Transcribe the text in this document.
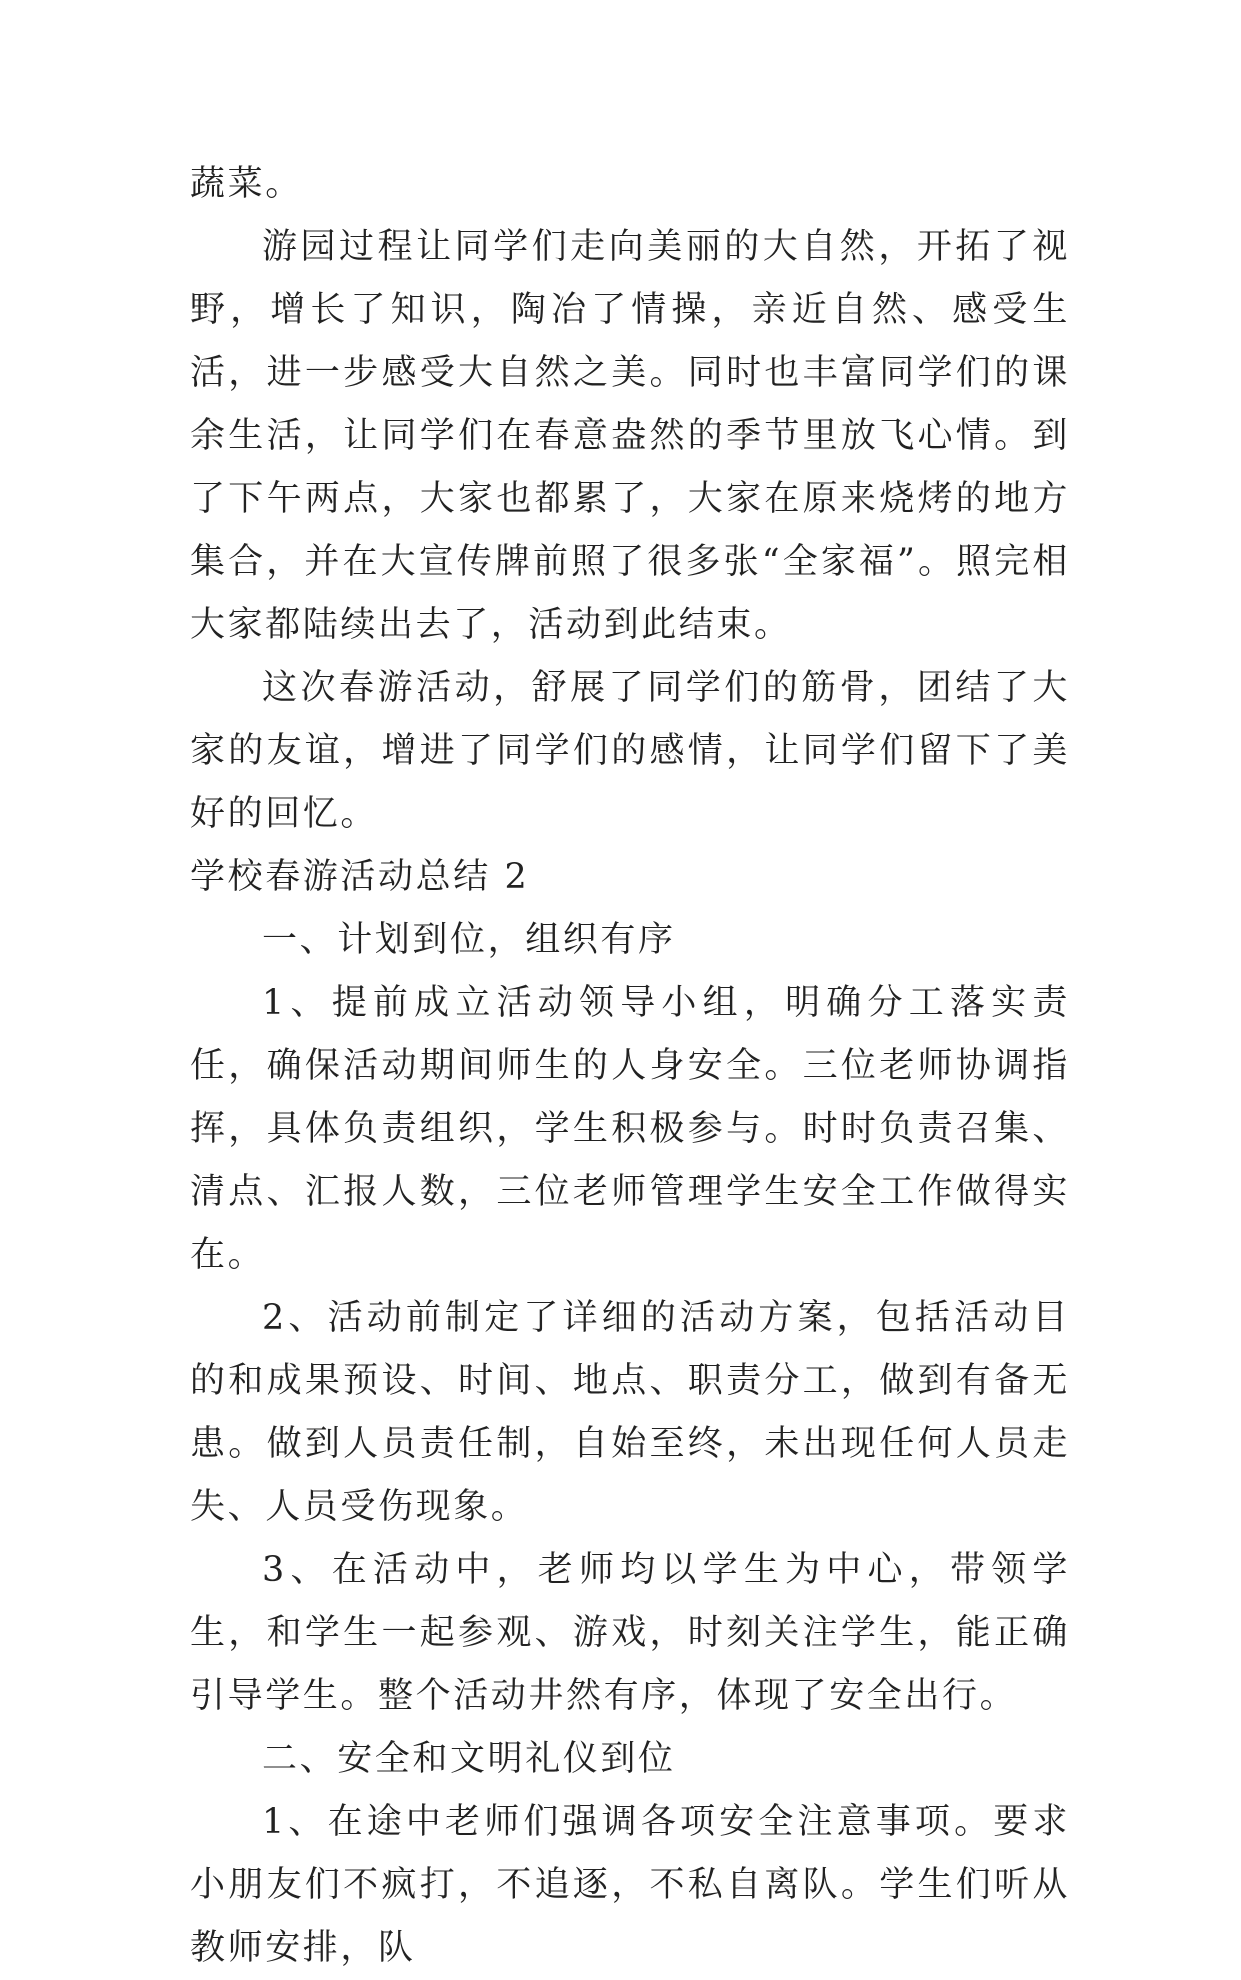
蔬菜。

游园过程让同学们走向美丽的大自然，开拓了视野，增长了知识，陶冶了情操，亲近自然、感受生活，进一步感受大自然之美。同时也丰富同学们的课余生活，让同学们在春意盎然的季节里放飞心情。到了下午两点，大家也都累了，大家在原来烧烤的地方集合，并在大宣传牌前照了很多张“全家福”。照完相大家都陆续出去了，活动到此结束。

这次春游活动，舒展了同学们的筋骨，团结了大家的友谊，增进了同学们的感情，让同学们留下了美好的回忆。

学校春游活动总结 2

一、计划到位，组织有序

1、提前成立活动领导小组，明确分工落实责任，确保活动期间师生的人身安全。三位老师协调指挥，具体负责组织，学生积极参与。时时负责召集、清点、汇报人数，三位老师管理学生安全工作做得实在。

2、活动前制定了详细的活动方案，包括活动目的和成果预设、时间、地点、职责分工，做到有备无患。做到人员责任制，自始至终，未出现任何人员走失、人员受伤现象。

3、在活动中，老师均以学生为中心，带领学生，和学生一起参观、游戏，时刻关注学生，能正确引导学生。整个活动井然有序，体现了安全出行。

二、安全和文明礼仪到位

1、在途中老师们强调各项安全注意事项。要求小朋友们不疯打，不追逐，不私自离队。学生们听从教师安排，队
